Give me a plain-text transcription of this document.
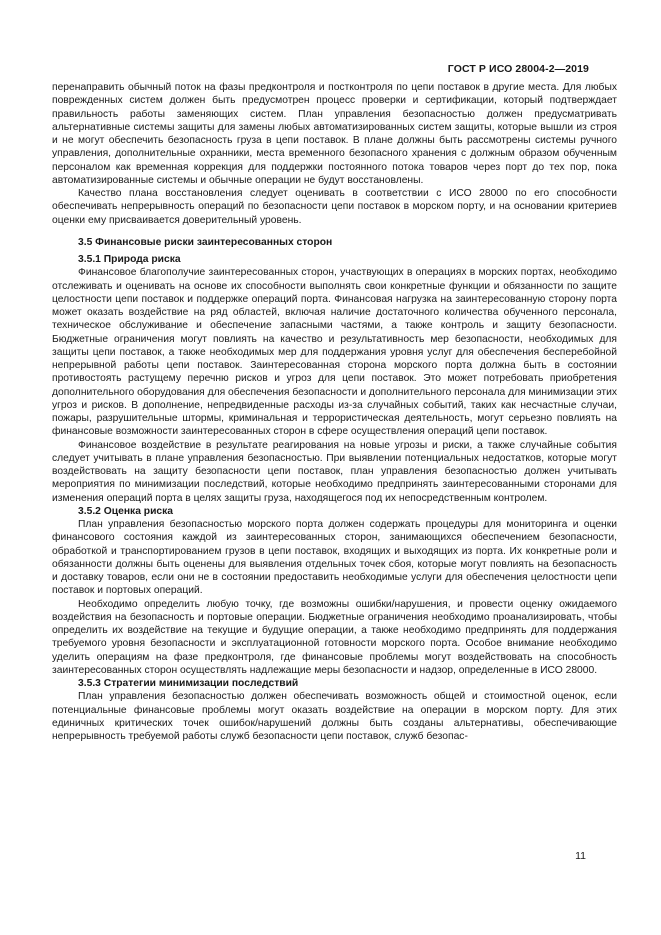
ГОСТ Р ИСО 28004-2—2019

перенаправить обычный поток на фазы предконтроля и постконтроля по цепи поставок в другие места. Для любых поврежденных систем должен быть предусмотрен процесс проверки и сертификации, который подтверждает правильность работы заменяющих систем. План управления безопасностью должен предусматривать альтернативные системы защиты для замены любых автоматизированных систем защиты, которые вышли из строя и не могут обеспечить безопасность груза в цепи поставок. В плане должны быть рассмотрены системы ручного управления, дополнительные охранники, места временного безопасного хранения с должным образом обученным персоналом как временная коррекция для поддержки постоянного потока товаров через порт до тех пор, пока автоматизированные системы и обычные операции не будут восстановлены.

Качество плана восстановления следует оценивать в соответствии с ИСО 28000 по его способности обеспечивать непрерывность операций по безопасности цепи поставок в морском порту, и на основании критериев оценки ему присваивается доверительный уровень.

3.5 Финансовые риски заинтересованных сторон

3.5.1 Природа риска

Финансовое благополучие заинтересованных сторон, участвующих в операциях в морских портах, необходимо отслеживать и оценивать на основе их способности выполнять свои конкретные функции и обязанности по защите целостности цепи поставок и поддержке операций порта. Финансовая нагрузка на заинтересованную сторону порта может оказать воздействие на ряд областей, включая наличие достаточного количества обученного персонала, техническое обслуживание и обеспечение запасными частями, а также контроль и защиту безопасности. Бюджетные ограничения могут повлиять на качество и результативность мер безопасности, необходимых для защиты цепи поставок, а также необходимых мер для поддержания уровня услуг для обеспечения бесперебойной непрерывной работы цепи поставок. Заинтересованная сторона морского порта должна быть в состоянии противостоять растущему перечню рисков и угроз для цепи поставок. Это может потребовать приобретения дополнительного оборудования для обеспечения безопасности и дополнительного персонала для минимизации этих угроз и рисков. В дополнение, непредвиденные расходы из-за случайных событий, таких как несчастные случаи, пожары, разрушительные штормы, криминальная и террористическая деятельность, могут серьезно повлиять на финансовые возможности заинтересованных сторон в сфере осуществления операций цепи поставок.

Финансовое воздействие в результате реагирования на новые угрозы и риски, а также случайные события следует учитывать в плане управления безопасностью. При выявлении потенциальных недостатков, которые могут воздействовать на защиту безопасности цепи поставок, план управления безопасностью должен учитывать мероприятия по минимизации последствий, которые необходимо предпринять заинтересованными сторонами для изменения операций порта в целях защиты груза, находящегося под их непосредственным контролем.

3.5.2 Оценка риска

План управления безопасностью морского порта должен содержать процедуры для мониторинга и оценки финансового состояния каждой из заинтересованных сторон, занимающихся обеспечением безопасности, обработкой и транспортированием грузов в цепи поставок, входящих и выходящих из порта. Их конкретные роли и обязанности должны быть оценены для выявления отдельных точек сбоя, которые могут повлиять на безопасность и доставку товаров, если они не в состоянии предоставить необходимые услуги для обеспечения целостности цепи поставок и портовых операций.

Необходимо определить любую точку, где возможны ошибки/нарушения, и провести оценку ожидаемого воздействия на безопасность и портовые операции. Бюджетные ограничения необходимо проанализировать, чтобы определить их воздействие на текущие и будущие операции, а также необходимо предпринять для поддержания требуемого уровня безопасности и эксплуатационной готовности морского порта. Особое внимание необходимо уделить операциям на фазе предконтроля, где финансовые проблемы могут воздействовать на способность заинтересованных сторон осуществлять надлежащие меры безопасности и надзор, определенные в ИСО 28000.

3.5.3 Стратегии минимизации последствий

План управления безопасностью должен обеспечивать возможность общей и стоимостной оценок, если потенциальные финансовые проблемы могут оказать воздействие на операции в морском порту. Для этих единичных критических точек ошибок/нарушений должны быть созданы альтернативы, обеспечивающие непрерывность требуемой работы служб безопасности цепи поставок, служб безопас-

11
